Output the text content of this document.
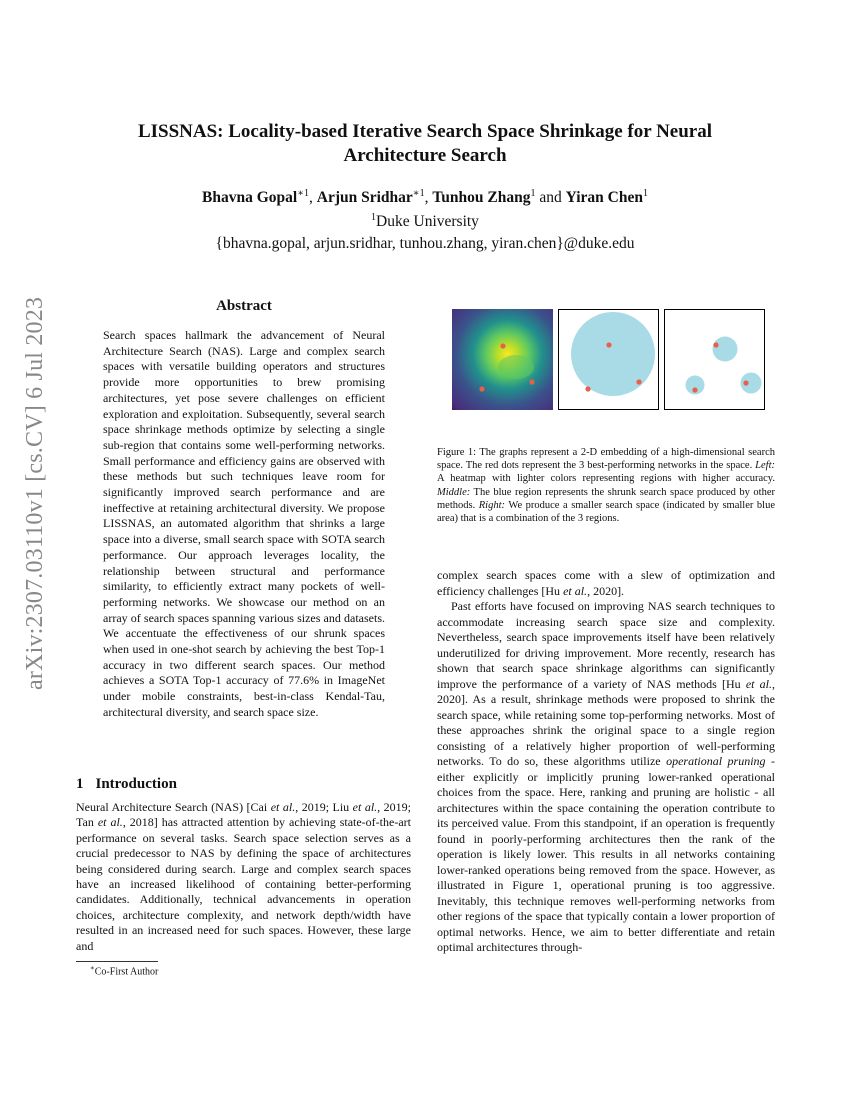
arXiv:2307.03110v1 [cs.CV] 6 Jul 2023
LISSNAS: Locality-based Iterative Search Space Shrinkage for Neural Architecture Search
Bhavna Gopal$^{∗1}$, Arjun Sridhar$^{∗1}$, Tunhou Zhang$^1$ and Yiran Chen$^1$
$^1$Duke University
{bhavna.gopal, arjun.sridhar, tunhou.zhang, yiran.chen}@duke.edu
Abstract
Search spaces hallmark the advancement of Neural Architecture Search (NAS). Large and complex search spaces with versatile building operators and structures provide more opportunities to brew promising architectures, yet pose severe challenges on efficient exploration and exploitation. Subsequently, several search space shrinkage methods optimize by selecting a single sub-region that contains some well-performing networks. Small performance and efficiency gains are observed with these methods but such techniques leave room for significantly improved search performance and are ineffective at retaining architectural diversity. We propose LISSNAS, an automated algorithm that shrinks a large space into a diverse, small search space with SOTA search performance. Our approach leverages locality, the relationship between structural and performance similarity, to efficiently extract many pockets of well-performing networks. We showcase our method on an array of search spaces spanning various sizes and datasets. We accentuate the effectiveness of our shrunk spaces when used in one-shot search by achieving the best Top-1 accuracy in two different search spaces. Our method achieves a SOTA Top-1 accuracy of 77.6% in ImageNet under mobile constraints, best-in-class Kendal-Tau, architectural diversity, and search space size.
1 Introduction
Neural Architecture Search (NAS) [Cai et al., 2019; Liu et al., 2019; Tan et al., 2018] has attracted attention by achieving state-of-the-art performance on several tasks. Search space selection serves as a crucial predecessor to NAS by defining the space of architectures being considered during search. Large and complex search spaces have an increased likelihood of containing better-performing candidates. Additionally, technical advancements in operation choices, architecture complexity, and network depth/width have resulted in an increased need for such spaces. However, these large and
∗Co-First Author
Figure 1: The graphs represent a 2-D embedding of a high-dimensional search space. The red dots represent the 3 best-performing networks in the space. Left: A heatmap with lighter colors representing regions with higher accuracy. Middle: The blue region represents the shrunk search space produced by other methods. Right: We produce a smaller search space (indicated by smaller blue area) that is a combination of the 3 regions.

complex search spaces come with a slew of optimization and efficiency challenges [Hu et al., 2020].

Past efforts have focused on improving NAS search techniques to accommodate increasing search space size and complexity. Nevertheless, search space improvements itself have been relatively underutilized for driving improvement. More recently, research has shown that search space shrinkage algorithms can significantly improve the performance of a variety of NAS methods [Hu et al., 2020]. As a result, shrinkage methods were proposed to shrink the search space, while retaining some top-performing networks. Most of these approaches shrink the original space to a single region consisting of a relatively higher proportion of well-performing networks. To do so, these algorithms utilize operational pruning - either explicitly or implicitly pruning lower-ranked operational choices from the space. Here, ranking and pruning are holistic - all architectures within the space containing the operation contribute to its perceived value. From this standpoint, if an operation is frequently found in poorly-performing architectures then the rank of the operation is likely lower. This results in all networks containing lower-ranked operations being removed from the space. However, as illustrated in Figure 1, operational pruning is too aggressive. Inevitably, this technique removes well-performing networks from other regions of the space that typically contain a lower proportion of optimal networks. Hence, we aim to better differentiate and retain optimal architectures through-
